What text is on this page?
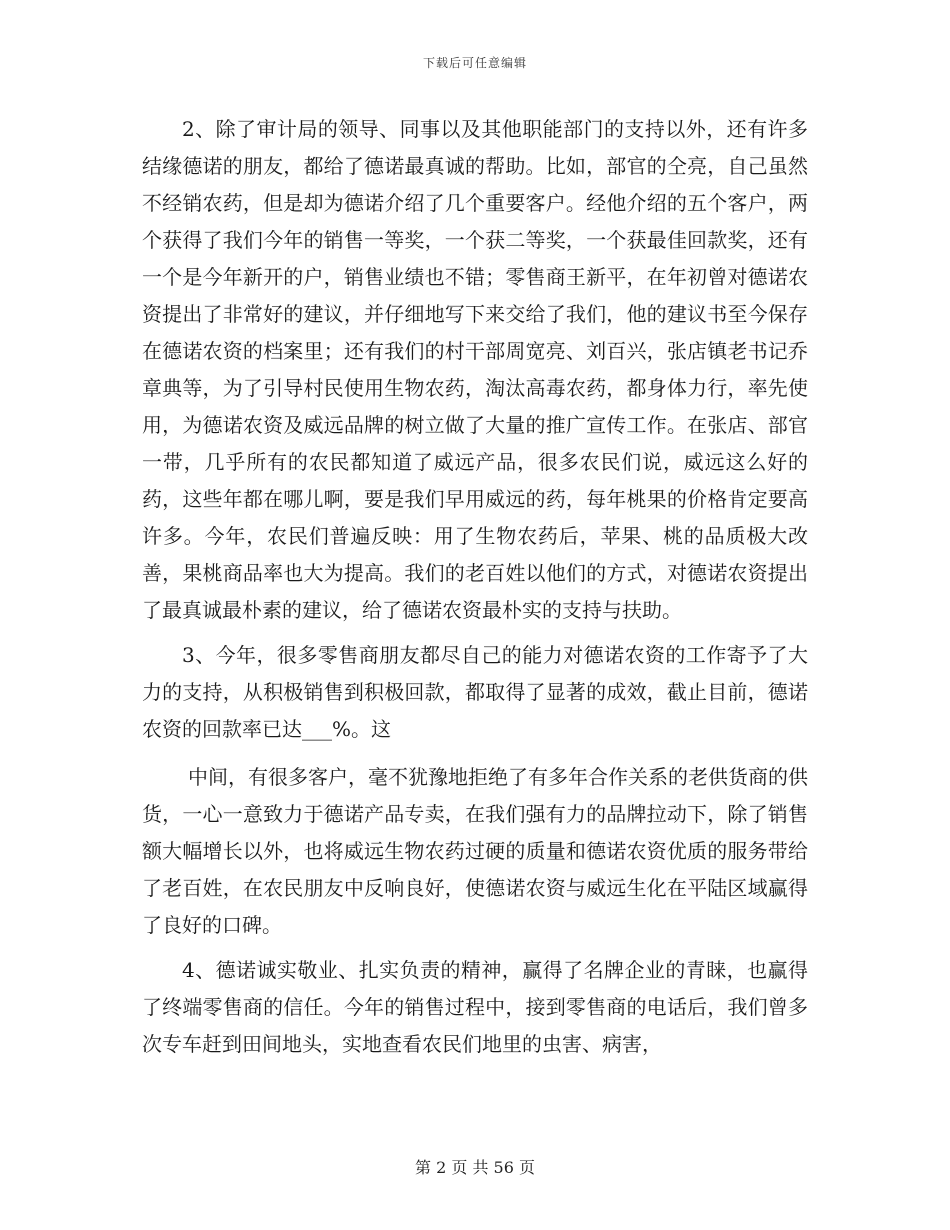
下载后可任意编辑

2、除了审计局的领导、同事以及其他职能部门的支持以外，还有许多结缘德诺的朋友，都给了德诺最真诚的帮助。比如，部官的仝亮，自己虽然不经销农药，但是却为德诺介绍了几个重要客户。经他介绍的五个客户，两个获得了我们今年的销售一等奖，一个获二等奖，一个获最佳回款奖，还有一个是今年新开的户，销售业绩也不错；零售商王新平，在年初曾对德诺农资提出了非常好的建议，并仔细地写下来交给了我们，他的建议书至今保存在德诺农资的档案里；还有我们的村干部周宽亮、刘百兴，张店镇老书记乔章典等，为了引导村民使用生物农药，淘汰高毒农药，都身体力行，率先使用，为德诺农资及威远品牌的树立做了大量的推广宣传工作。在张店、部官一带，几乎所有的农民都知道了威远产品，很多农民们说，威远这么好的药，这些年都在哪儿啊，要是我们早用威远的药，每年桃果的价格肯定要高许多。今年，农民们普遍反映：用了生物农药后，苹果、桃的品质极大改善，果桃商品率也大为提高。我们的老百姓以他们的方式，对德诺农资提出了最真诚最朴素的建议，给了德诺农资最朴实的支持与扶助。

3、今年，很多零售商朋友都尽自己的能力对德诺农资的工作寄予了大力的支持，从积极销售到积极回款，都取得了显著的成效，截止目前，德诺农资的回款率已达___%。这

中间，有很多客户，毫不犹豫地拒绝了有多年合作关系的老供货商的供货，一心一意致力于德诺产品专卖，在我们强有力的品牌拉动下，除了销售额大幅增长以外，也将威远生物农药过硬的质量和德诺农资优质的服务带给了老百姓，在农民朋友中反响良好，使德诺农资与威远生化在平陆区域赢得了良好的口碑。

4、德诺诚实敬业、扎实负责的精神，赢得了名牌企业的青睐，也赢得了终端零售商的信任。今年的销售过程中，接到零售商的电话后，我们曾多次专车赶到田间地头，实地查看农民们地里的虫害、病害，

第 2 页 共 56 页
